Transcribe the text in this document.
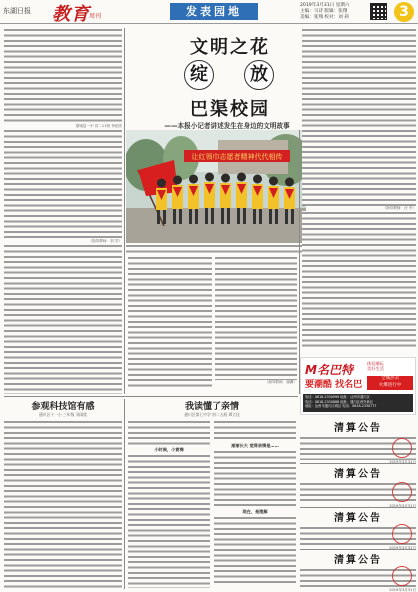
东湖日报 教育 周刊	发表园地	2019年3月31日 星期六
主编：马诗 版辑：张翔
美编：张翔 校对：刘 莉	3
望城县一中 初二11班 李佳欣
（指导教师：刘 芳）
文明之花
绽	放
巴渠校园
——本报小记者讲述发生在身边的文明故事
让红领巾志愿者精神代代相传
（指导教师：汪 冬）
（指导教师：谢渊）
参观科技馆有感
通川区十一小 三年级 刘雨欣
我读懂了亲情
通川区第七中学 初二五班 谭立佳
小时候，小赏梅
渐渐长大 觉得亲情是……
现在，是理解
M名巴特	体验潮玩
美好生活
要潮酷 找名巴
全城热卖
火爆进行中
电话：0818-2330999 地址：达州市通川区
电话：0818-2330888 地址：通川区西外新区
地址：达州市通川区城区 电话：0818-2330777
清算公告
2019年3月31日
清算公告
2019年3月31日
清算公告
2019年3月31日
清算公告
2019年3月31日
